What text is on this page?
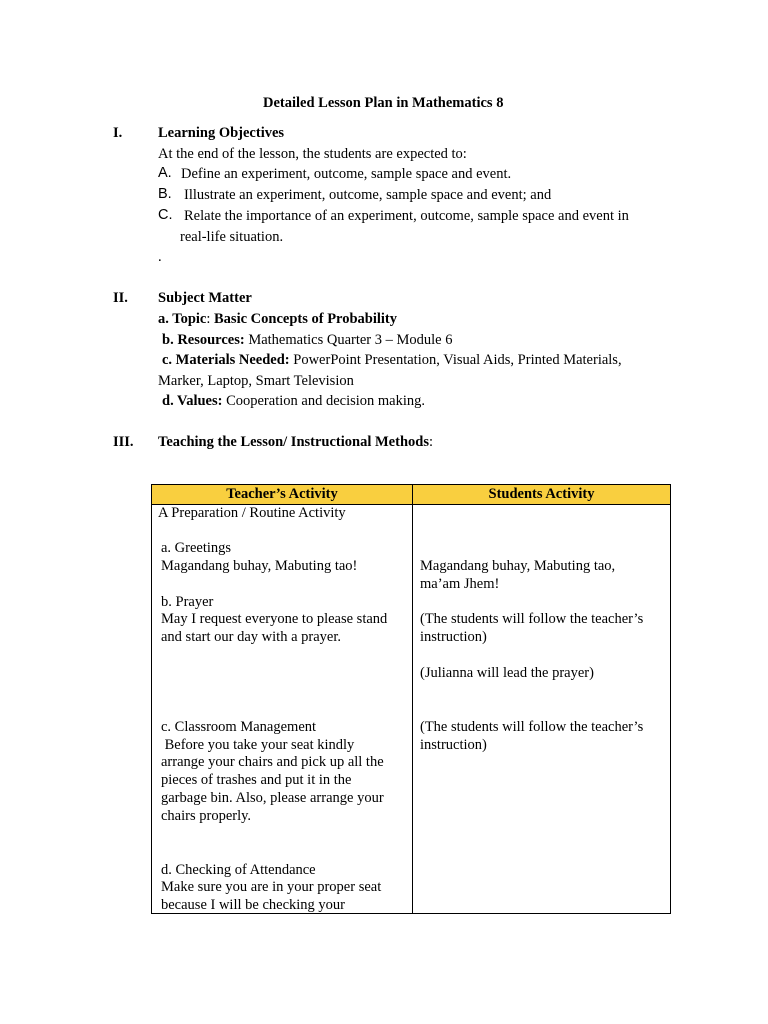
Detailed Lesson Plan in Mathematics 8
I. Learning Objectives
At the end of the lesson, the students are expected to:
A. Define an experiment, outcome, sample space and event.
B. Illustrate an experiment, outcome, sample space and event; and
C. Relate the importance of an experiment, outcome, sample space and event in
real-life situation.
.
II. Subject Matter
a. Topic: Basic Concepts of Probability
b. Resources: Mathematics Quarter 3 – Module 6
c. Materials Needed: PowerPoint Presentation, Visual Aids, Printed Materials,
Marker, Laptop, Smart Television
d. Values: Cooperation and decision making.
III. Teaching the Lesson/ Instructional Methods:
Teacher’s Activity	Students Activity
A Preparation / Routine Activity
a. Greetings
Magandang buhay, Mabuting tao!
b. Prayer
May I request everyone to please stand
and start our day with a prayer.
c. Classroom Management
Before you take your seat kindly
arrange your chairs and pick up all the
pieces of trashes and put it in the
garbage bin. Also, please arrange your
chairs properly.
d. Checking of Attendance
Make sure you are in your proper seat
because I will be checking your
Magandang buhay, Mabuting tao,
ma’am Jhem!
(The students will follow the teacher’s
instruction)
(Julianna will lead the prayer)
(The students will follow the teacher’s
instruction)
